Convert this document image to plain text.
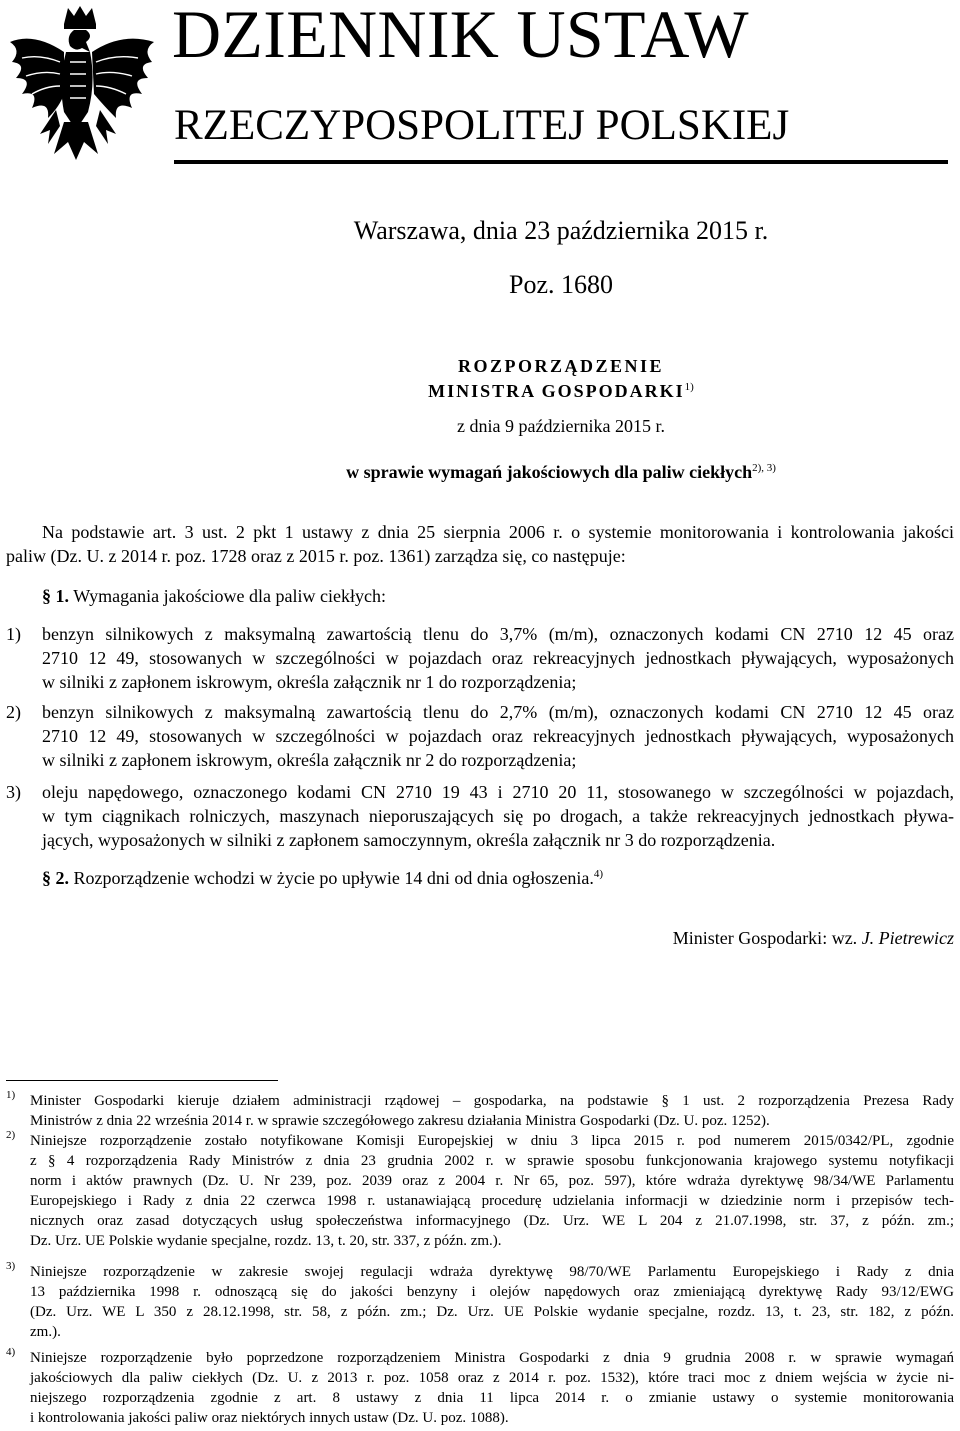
DZIENNIK USTAW
RZECZYPOSPOLITEJ POLSKIEJ
Warszawa, dnia 23 października 2015 r.
Poz. 1680
ROZPORZĄDZENIE
MINISTRA GOSPODARKI$^{1)}$
z dnia 9 października 2015 r.
w sprawie wymagań jakościowych dla paliw ciekłych$^{2), 3)}$
Na podstawie art. 3 ust. 2 pkt 1 ustawy z dnia 25 sierpnia 2006 r. o systemie monitorowania i kontrolowania jakości
paliw (Dz. U. z 2014 r. poz. 1728 oraz z 2015 r. poz. 1361) zarządza się, co następuje:
§ 1. Wymagania jakościowe dla paliw ciekłych:
1) benzyn silnikowych z maksymalną zawartością tlenu do 3,7% (m/m), oznaczonych kodami CN 2710 12 45 oraz
2710 12 49, stosowanych w szczególności w pojazdach oraz rekreacyjnych jednostkach pływających, wyposażonych
w silniki z zapłonem iskrowym, określa załącznik nr 1 do rozporządzenia;
2) benzyn silnikowych z maksymalną zawartością tlenu do 2,7% (m/m), oznaczonych kodami CN 2710 12 45 oraz
2710 12 49, stosowanych w szczególności w pojazdach oraz rekreacyjnych jednostkach pływających, wyposażonych
w silniki z zapłonem iskrowym, określa załącznik nr 2 do rozporządzenia;
3) oleju napędowego, oznaczonego kodami CN 2710 19 43 i 2710 20 11, stosowanego w szczególności w pojazdach,
w tym ciągnikach rolniczych, maszynach nieporuszających się po drogach, a także rekreacyjnych jednostkach pływa-
jących, wyposażonych w silniki z zapłonem samoczynnym, określa załącznik nr 3 do rozporządzenia.
§ 2. Rozporządzenie wchodzi w życie po upływie 14 dni od dnia ogłoszenia.$^{4)}$
Minister Gospodarki: wz. J. Pietrewicz
1) Minister Gospodarki kieruje działem administracji rządowej – gospodarka, na podstawie § 1 ust. 2 rozporządzenia Prezesa Rady
Ministrów z dnia 22 września 2014 r. w sprawie szczegółowego zakresu działania Ministra Gospodarki (Dz. U. poz. 1252).
2) Niniejsze rozporządzenie zostało notyfikowane Komisji Europejskiej w dniu 3 lipca 2015 r. pod numerem 2015/0342/PL, zgodnie
z § 4 rozporządzenia Rady Ministrów z dnia 23 grudnia 2002 r. w sprawie sposobu funkcjonowania krajowego systemu notyfikacji
norm i aktów prawnych (Dz. U. Nr 239, poz. 2039 oraz z 2004 r. Nr 65, poz. 597), które wdraża dyrektywę 98/34/WE Parlamentu
Europejskiego i Rady z dnia 22 czerwca 1998 r. ustanawiającą procedurę udzielania informacji w dziedzinie norm i przepisów tech-
nicznych oraz zasad dotyczących usług społeczeństwa informacyjnego (Dz. Urz. WE L 204 z 21.07.1998, str. 37, z późn. zm.;
Dz. Urz. UE Polskie wydanie specjalne, rozdz. 13, t. 20, str. 337, z późn. zm.).
3) Niniejsze rozporządzenie w zakresie swojej regulacji wdraża dyrektywę 98/70/WE Parlamentu Europejskiego i Rady z dnia
13 października 1998 r. odnoszącą się do jakości benzyny i olejów napędowych oraz zmieniającą dyrektywę Rady 93/12/EWG
(Dz. Urz. WE L 350 z 28.12.1998, str. 58, z późn. zm.; Dz. Urz. UE Polskie wydanie specjalne, rozdz. 13, t. 23, str. 182, z późn.
zm.).
4) Niniejsze rozporządzenie było poprzedzone rozporządzeniem Ministra Gospodarki z dnia 9 grudnia 2008 r. w sprawie wymagań
jakościowych dla paliw ciekłych (Dz. U. z 2013 r. poz. 1058 oraz z 2014 r. poz. 1532), które traci moc z dniem wejścia w życie ni-
niejszego rozporządzenia zgodnie z art. 8 ustawy z dnia 11 lipca 2014 r. o zmianie ustawy o systemie monitorowania
i kontrolowania jakości paliw oraz niektórych innych ustaw (Dz. U. poz. 1088).
